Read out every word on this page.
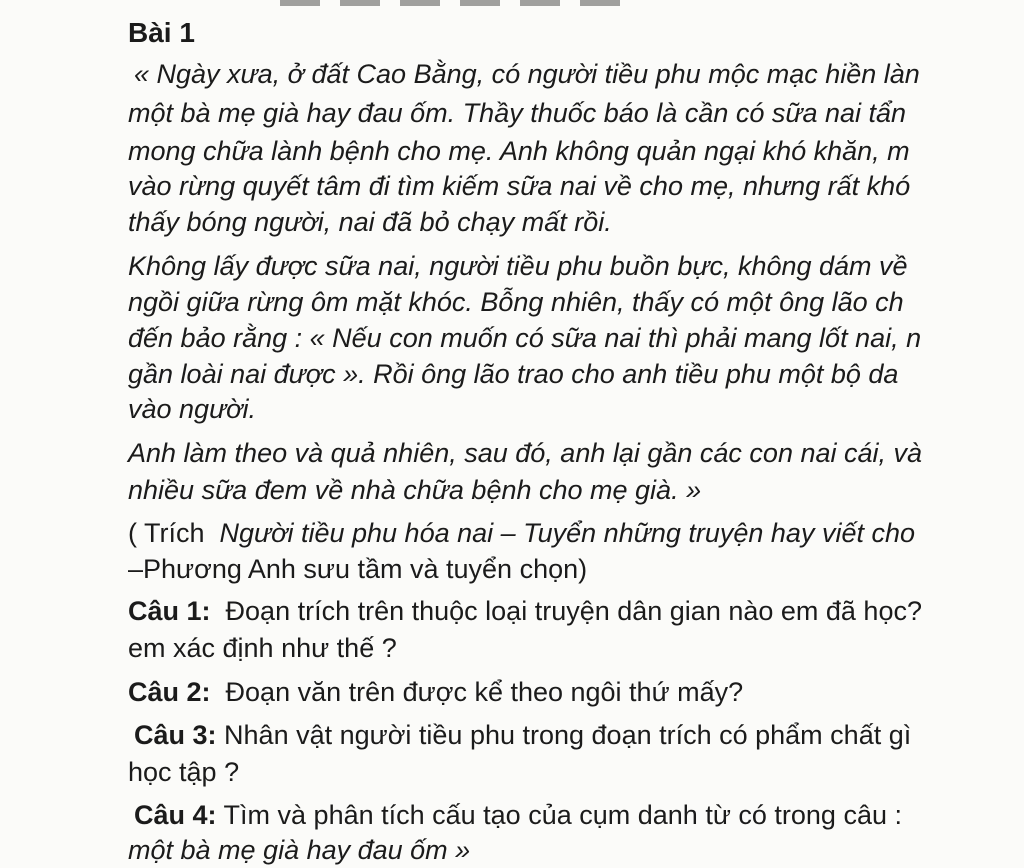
Bài 1
« Ngày xưa, ở đất Cao Bằng, có người tiều phu mộc mạc hiền làn
một bà mẹ già hay đau ốm. Thầy thuốc báo là cần có sữa nai tẩn
mong chữa lành bệnh cho mẹ. Anh không quản ngại khó khăn, m
vào rừng quyết tâm đi tìm kiếm sữa nai về cho mẹ, nhưng rất khó
thấy bóng người, nai đã bỏ chạy mất rồi.
Không lấy được sữa nai, người tiều phu buồn bực, không dám về
ngồi giữa rừng ôm mặt khóc. Bỗng nhiên, thấy có một ông lão ch
đến bảo rằng : « Nếu con muốn có sữa nai thì phải mang lốt nai, n
gần loài nai được ». Rồi ông lão trao cho anh tiều phu một bộ da
vào người.
Anh làm theo và quả nhiên, sau đó, anh lại gần các con nai cái, và
nhiều sữa đem về nhà chữa bệnh cho mẹ già. »
( Trích  Người tiều phu hóa nai – Tuyển những truyện hay viết cho
–Phương Anh sưu tầm và tuyển chọn)
Câu 1:  Đoạn trích trên thuộc loại truyện dân gian nào em đã học?
em xác định như thế ?
Câu 2:  Đoạn văn trên được kể theo ngôi thứ mấy?
Câu 3: Nhân vật người tiều phu trong đoạn trích có phẩm chất gì
học tập ?
Câu 4: Tìm và phân tích cấu tạo của cụm danh từ có trong câu :
một bà mẹ già hay đau ốm »
